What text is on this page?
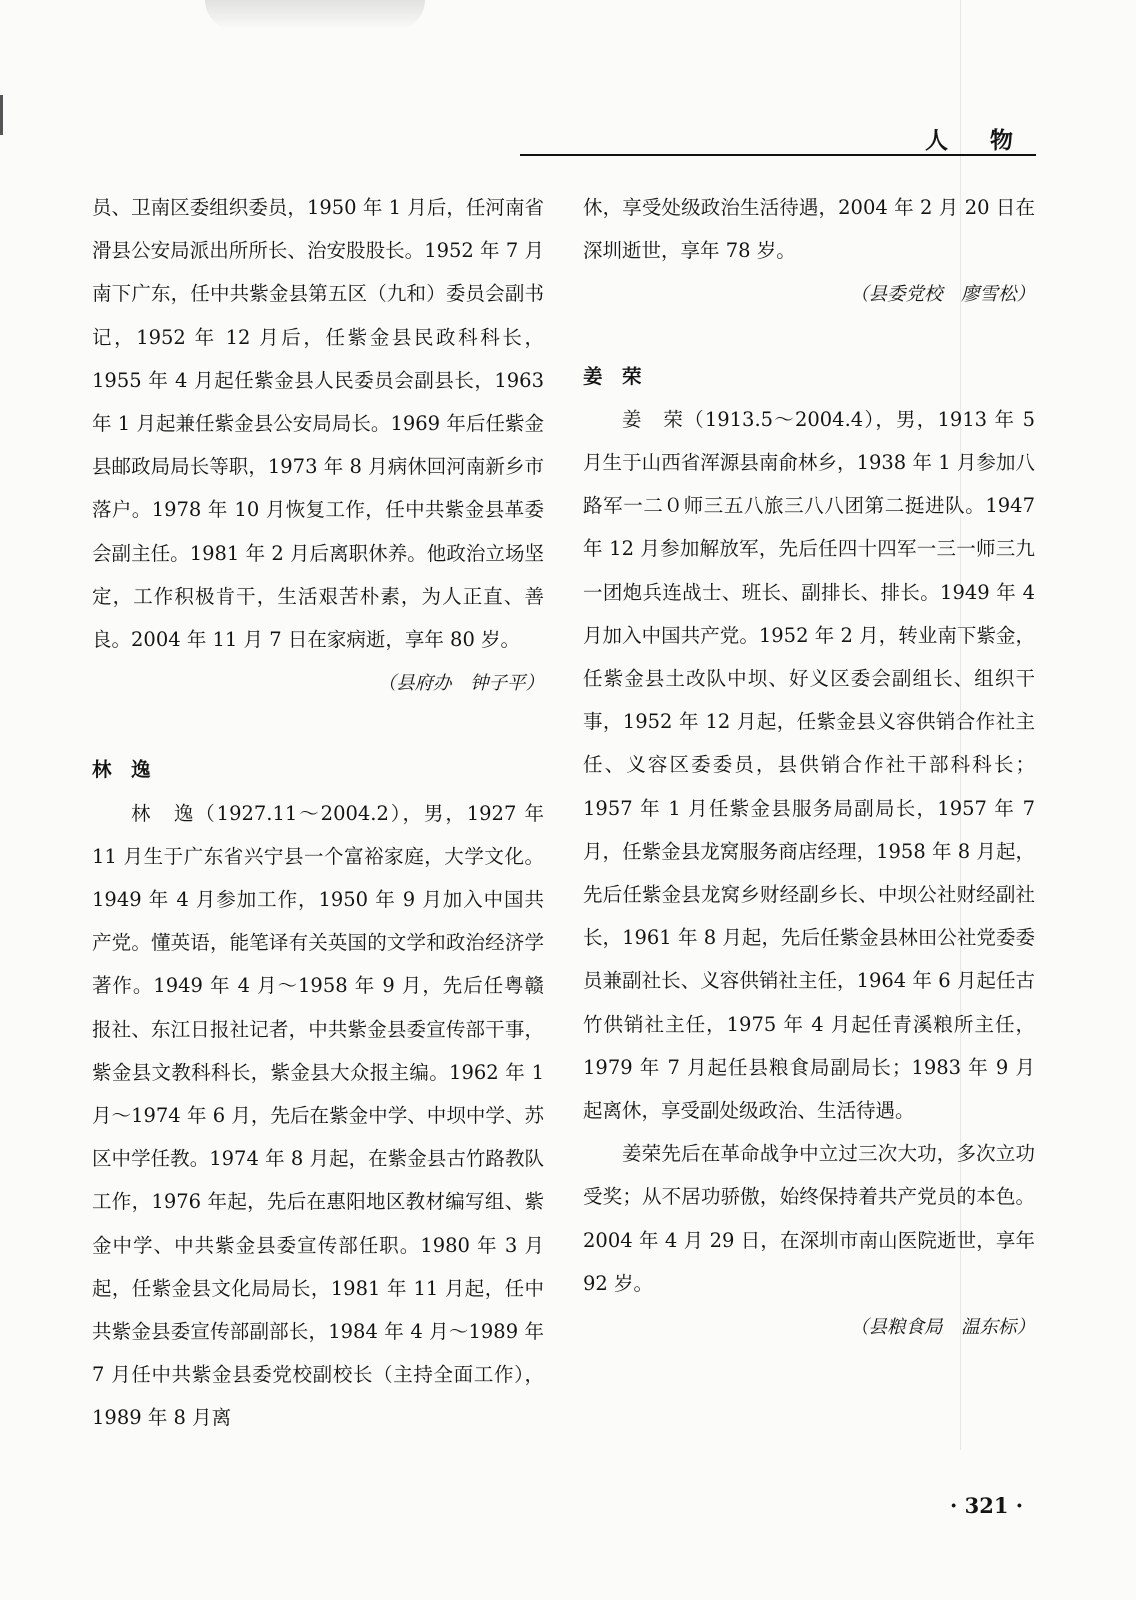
人物

员、卫南区委组织委员，1950 年 1 月后，任河南省滑县公安局派出所所长、治安股股长。1952 年 7 月南下广东，任中共紫金县第五区（九和）委员会副书记，1952 年 12 月后，任紫金县民政科科长，1955 年 4 月起任紫金县人民委员会副县长，1963 年 1 月起兼任紫金县公安局局长。1969 年后任紫金县邮政局局长等职，1973 年 8 月病休回河南新乡市落户。1978 年 10 月恢复工作，任中共紫金县革委会副主任。1981 年 2 月后离职休养。他政治立场坚定，工作积极肯干，生活艰苦朴素，为人正直、善良。2004 年 11 月 7 日在家病逝，享年 80 岁。

（县府办　钟子平）

林　逸

林　逸（1927.11～2004.2），男，1927 年 11 月生于广东省兴宁县一个富裕家庭，大学文化。1949 年 4 月参加工作，1950 年 9 月加入中国共产党。懂英语，能笔译有关英国的文学和政治经济学著作。1949 年 4 月～1958 年 9 月，先后任粤赣报社、东江日报社记者，中共紫金县委宣传部干事，紫金县文教科科长，紫金县大众报主编。1962 年 1 月～1974 年 6 月，先后在紫金中学、中坝中学、苏区中学任教。1974 年 8 月起，在紫金县古竹路教队工作，1976 年起，先后在惠阳地区教材编写组、紫金中学、中共紫金县委宣传部任职。1980 年 3 月起，任紫金县文化局局长，1981 年 11 月起，任中共紫金县委宣传部副部长，1984 年 4 月～1989 年 7 月任中共紫金县委党校副校长（主持全面工作），1989 年 8 月离

休，享受处级政治生活待遇，2004 年 2 月 20 日在深圳逝世，享年 78 岁。

（县委党校　廖雪松）

姜　荣

姜　荣（1913.5～2004.4），男，1913 年 5 月生于山西省浑源县南俞林乡，1938 年 1 月参加八路军一二０师三五八旅三八八团第二挺进队。1947 年 12 月参加解放军，先后任四十四军一三一师三九一团炮兵连战士、班长、副排长、排长。1949 年 4 月加入中国共产党。1952 年 2 月，转业南下紫金，任紫金县土改队中坝、好义区委会副组长、组织干事，1952 年 12 月起，任紫金县义容供销合作社主任、义容区委委员，县供销合作社干部科科长；1957 年 1 月任紫金县服务局副局长，1957 年 7 月，任紫金县龙窝服务商店经理，1958 年 8 月起，先后任紫金县龙窝乡财经副乡长、中坝公社财经副社长，1961 年 8 月起，先后任紫金县林田公社党委委员兼副社长、义容供销社主任，1964 年 6 月起任古竹供销社主任，1975 年 4 月起任青溪粮所主任，1979 年 7 月起任县粮食局副局长；1983 年 9 月起离休，享受副处级政治、生活待遇。

姜荣先后在革命战争中立过三次大功，多次立功受奖；从不居功骄傲，始终保持着共产党员的本色。2004 年 4 月 29 日，在深圳市南山医院逝世，享年 92 岁。

（县粮食局　温东标）

· 321 ·
